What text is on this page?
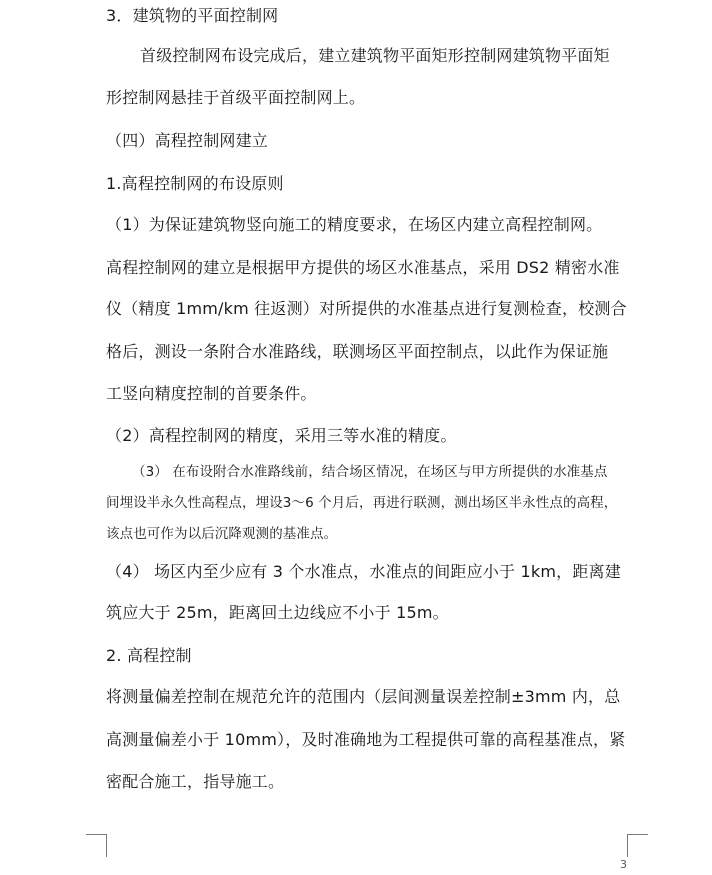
3．建筑物的平面控制网
首级控制网布设完成后，建立建筑物平面矩形控制网建筑物平面矩
形控制网悬挂于首级平面控制网上。
（四）高程控制网建立
1.高程控制网的布设原则
（1）为保证建筑物竖向施工的精度要求，在场区内建立高程控制网。
高程控制网的建立是根据甲方提供的场区水准基点，采用 DS2 精密水准
仪（精度 1mm/km 往返测）对所提供的水准基点进行复测检查，校测合
格后，测设一条附合水准路线，联测场区平面控制点，以此作为保证施
工竖向精度控制的首要条件。
（2）高程控制网的精度，采用三等水准的精度。
（3） 在布设附合水准路线前，结合场区情况，在场区与甲方所提供的水准基点
间埋设半永久性高程点，埋设3～6 个月后，再进行联测，测出场区半永性点的高程，
该点也可作为以后沉降观测的基准点。
（4） 场区内至少应有 3 个水准点，水准点的间距应小于 1km，距离建
筑应大于 25m，距离回土边线应不小于 15m。
2. 高程控制
将测量偏差控制在规范允许的范围内（层间测量误差控制±3mm 内，总
高测量偏差小于 10mm），及时准确地为工程提供可靠的高程基准点，紧
密配合施工，指导施工。
3
